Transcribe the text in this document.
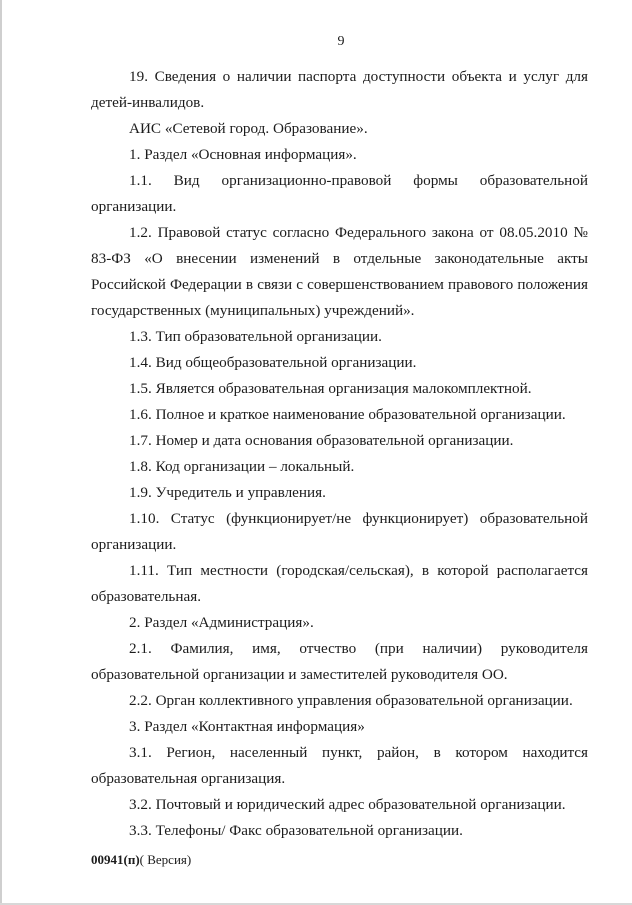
9

19. Сведения о наличии паспорта доступности объекта и услуг для детей-инвалидов.

АИС «Сетевой город. Образование».

1. Раздел «Основная информация».

1.1. Вид организационно-правовой формы образовательной организации.

1.2. Правовой статус согласно Федерального закона от 08.05.2010 № 83-ФЗ «О внесении изменений в отдельные законодательные акты Российской Федерации в связи с совершенствованием правового положения государственных (муниципальных) учреждений».

1.3. Тип образовательной организации.

1.4. Вид общеобразовательной организации.

1.5. Является образовательная организация малокомплектной.

1.6. Полное и краткое наименование образовательной организации.

1.7. Номер и дата основания образовательной организации.

1.8. Код организации – локальный.

1.9. Учредитель и управления.

1.10. Статус (функционирует/не функционирует) образовательной организации.

1.11. Тип местности (городская/сельская), в которой располагается образовательная.

2. Раздел «Администрация».

2.1. Фамилия, имя, отчество (при наличии) руководителя образовательной организации и заместителей руководителя ОО.

2.2. Орган коллективного управления образовательной организации.

3. Раздел «Контактная информация»

3.1. Регион, населенный пункт, район, в котором находится образовательная организация.

3.2. Почтовый и юридический адрес образовательной организации.

3.3. Телефоны/ Факс образовательной организации.

00941(п)( Версия)
